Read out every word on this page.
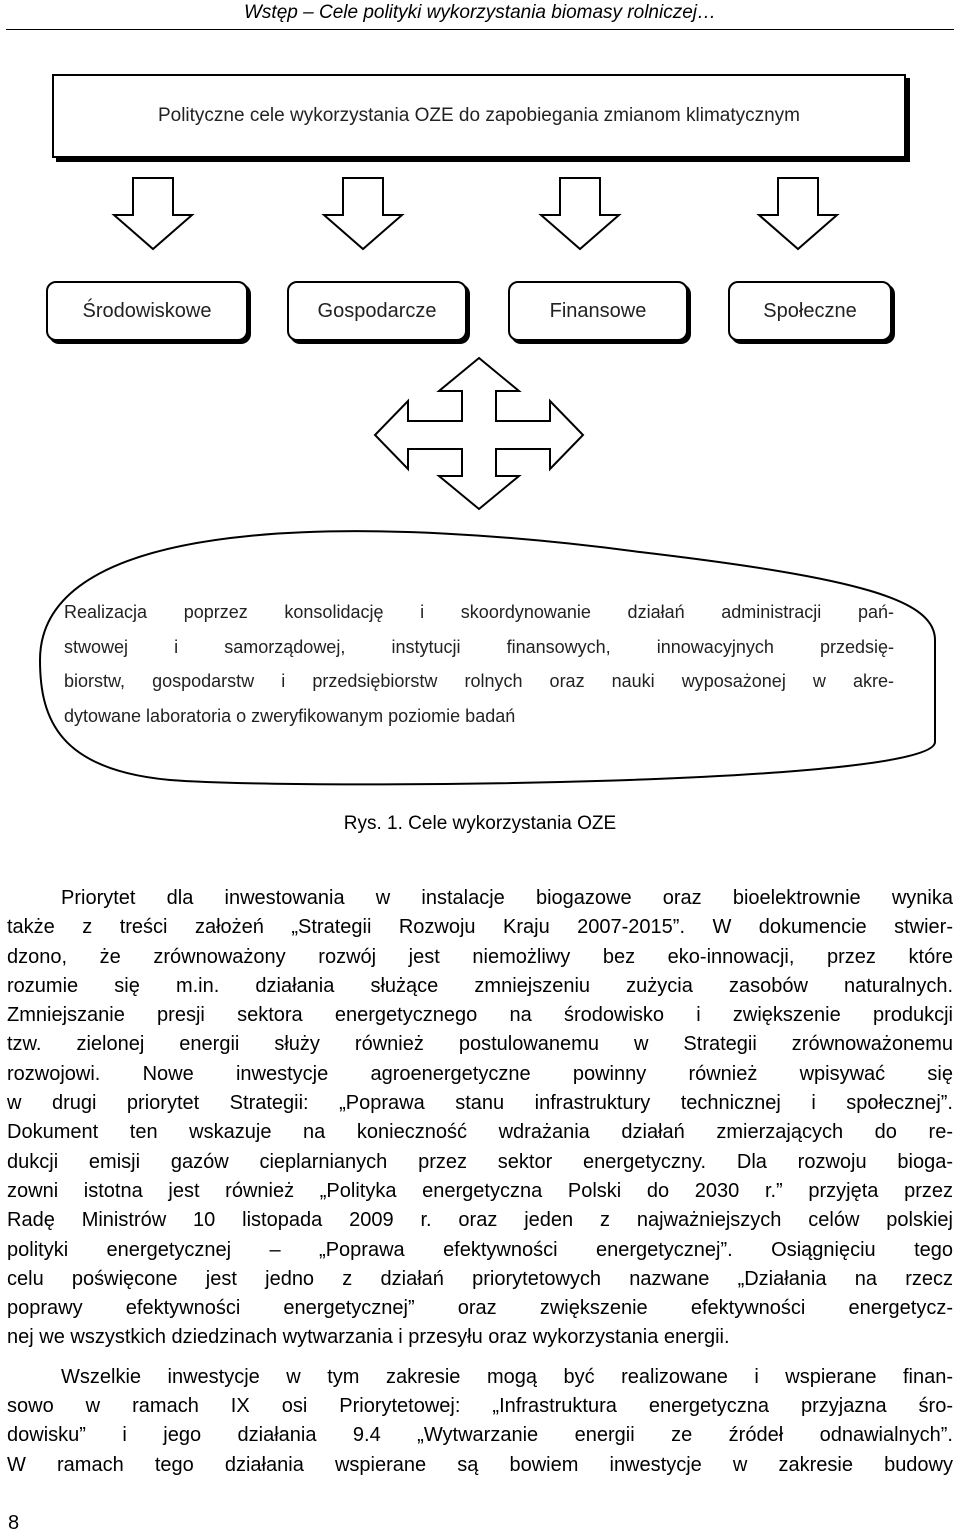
Wstęp – Cele polityki wykorzystania biomasy rolniczej…
Polityczne cele wykorzystania OZE do zapobiegania zmianom klimatycznym
Środowiskowe	Gospodarcze	Finansowe	Społeczne
Realizacja poprzez konsolidację i skoordynowanie działań administracji pań-
stwowej i samorządowej, instytucji finansowych, innowacyjnych przedsię-
biorstw, gospodarstw i przedsiębiorstw rolnych oraz nauki wyposażonej w akre-
dytowane laboratoria o zweryfikowanym poziomie badań
Rys. 1. Cele wykorzystania OZE
Priorytet dla inwestowania w instalacje biogazowe oraz bioelektrownie wynika
także z treści założeń „Strategii Rozwoju Kraju 2007-2015”. W dokumencie stwier-
dzono, że zrównoważony rozwój jest niemożliwy bez eko-innowacji, przez które
rozumie się m.in. działania służące zmniejszeniu zużycia zasobów naturalnych.
Zmniejszanie presji sektora energetycznego na środowisko i zwiększenie produkcji
tzw. zielonej energii służy również postulowanemu w Strategii zrównoważonemu
rozwojowi. Nowe inwestycje agroenergetyczne powinny również wpisywać się
w drugi priorytet Strategii: „Poprawa stanu infrastruktury technicznej i społecznej”.
Dokument ten wskazuje na konieczność wdrażania działań zmierzających do re-
dukcji emisji gazów cieplarnianych przez sektor energetyczny. Dla rozwoju bioga-
zowni istotna jest również „Polityka energetyczna Polski do 2030 r.” przyjęta przez
Radę Ministrów 10 listopada 2009 r. oraz jeden z najważniejszych celów polskiej
polityki energetycznej – „Poprawa efektywności energetycznej”. Osiągnięciu tego
celu poświęcone jest jedno z działań priorytetowych nazwane „Działania na rzecz
poprawy efektywności energetycznej” oraz zwiększenie efektywności energetycz-
nej we wszystkich dziedzinach wytwarzania i przesyłu oraz wykorzystania energii.
Wszelkie inwestycje w tym zakresie mogą być realizowane i wspierane finan-
sowo w ramach IX osi Priorytetowej: „Infrastruktura energetyczna przyjazna śro-
dowisku” i jego działania 9.4 „Wytwarzanie energii ze źródeł odnawialnych”.
W ramach tego działania wspierane są bowiem inwestycje w zakresie budowy
8
